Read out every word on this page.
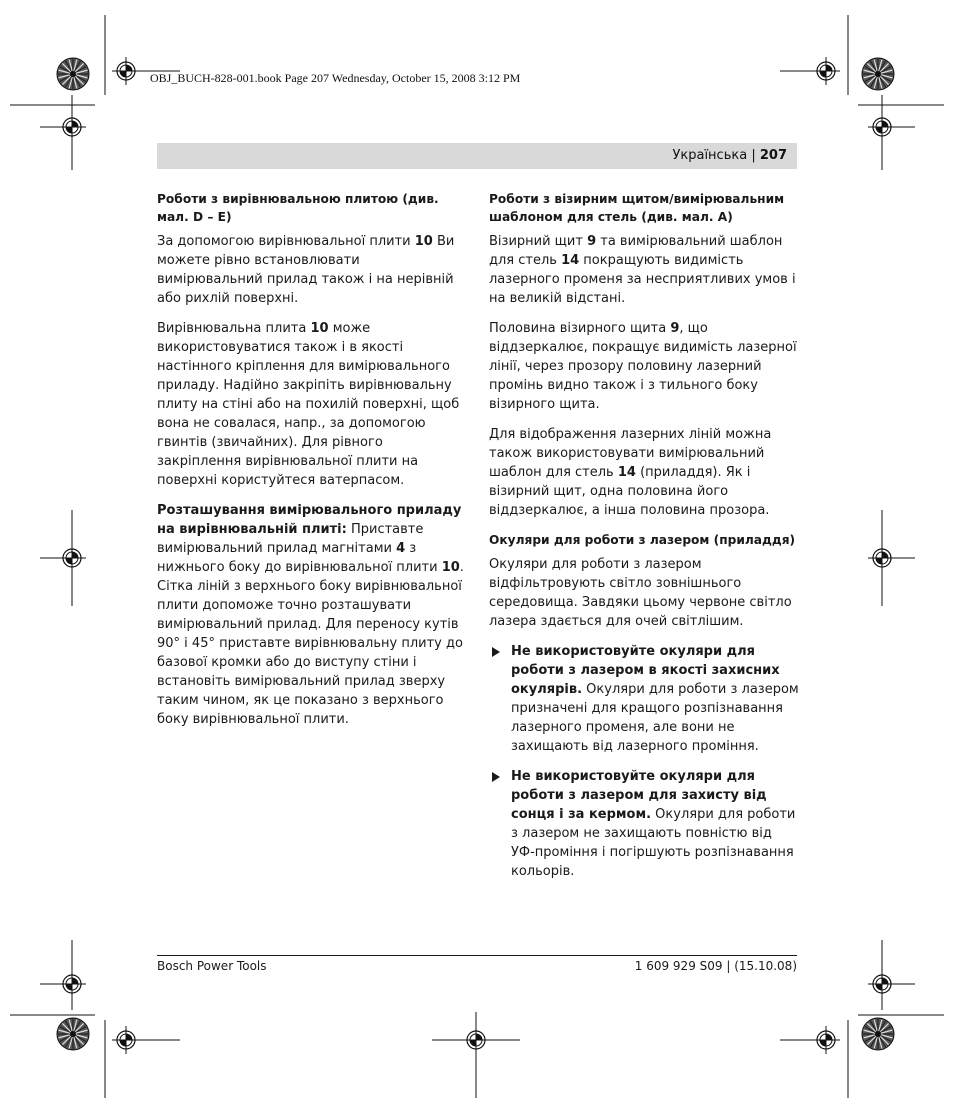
OBJ_BUCH-828-001.book Page 207 Wednesday, October 15, 2008 3:12 PM
Українська | 207
Роботи з вирівнювальною плитою (див. мал. D – E)

За допомогою вирівнювальної плити 10 Ви можете рівно встановлювати вимірювальний прилад також і на нерівній або рихлій поверхні.

Вирівнювальна плита 10 може використовуватися також і в якості настінного кріплення для вимірювального приладу. Надійно закріпіть вирівнювальну плиту на стіні або на похилій поверхні, щоб вона не совалася, напр., за допомогою гвинтів (звичайних). Для рівного закріплення вирівнювальної плити на поверхні користуйтеся ватерпасом.

Розташування вимірювального приладу на вирівнювальній плиті: Приставте вимірювальний прилад магнітами 4 з нижнього боку до вирівнювальної плити 10. Сітка ліній з верхнього боку вирівнювальної плити допоможе точно розташувати вимірювальний прилад. Для переносу кутів 90° і 45° приставте вирівнювальну плиту до базової кромки або до виступу стіни і встановіть вимірювальний прилад зверху таким чином, як це показано з верхнього боку вирівнювальної плити.

Роботи з візирним щитом/вимірювальним шаблоном для стель (див. мал. A)

Візирний щит 9 та вимірювальний шаблон для стель 14 покращують видимість лазерного променя за несприятливих умов і на великій відстані.

Половина візирного щита 9, що віддзеркалює, покращує видимість лазерної лінії, через прозору половину лазерний промінь видно також і з тильного боку візирного щита.

Для відображення лазерних ліній можна також використовувати вимірювальний шаблон для стель 14 (приладдя). Як і візирний щит, одна половина його віддзеркалює, а інша половина прозора.

Окуляри для роботи з лазером (приладдя)

Окуляри для роботи з лазером відфільтровують світло зовнішнього середовища. Завдяки цьому червоне світло лазера здається для очей світлішим.

Не використовуйте окуляри для роботи з лазером в якості захисних окулярів. Окуляри для роботи з лазером призначені для кращого розпізнавання лазерного променя, але вони не захищають від лазерного проміння.

Не використовуйте окуляри для роботи з лазером для захисту від сонця і за кермом. Окуляри для роботи з лазером не захищають повністю від УФ-проміння і погіршують розпізнавання кольорів.

Bosch Power Tools	1 609 929 S09 | (15.10.08)
